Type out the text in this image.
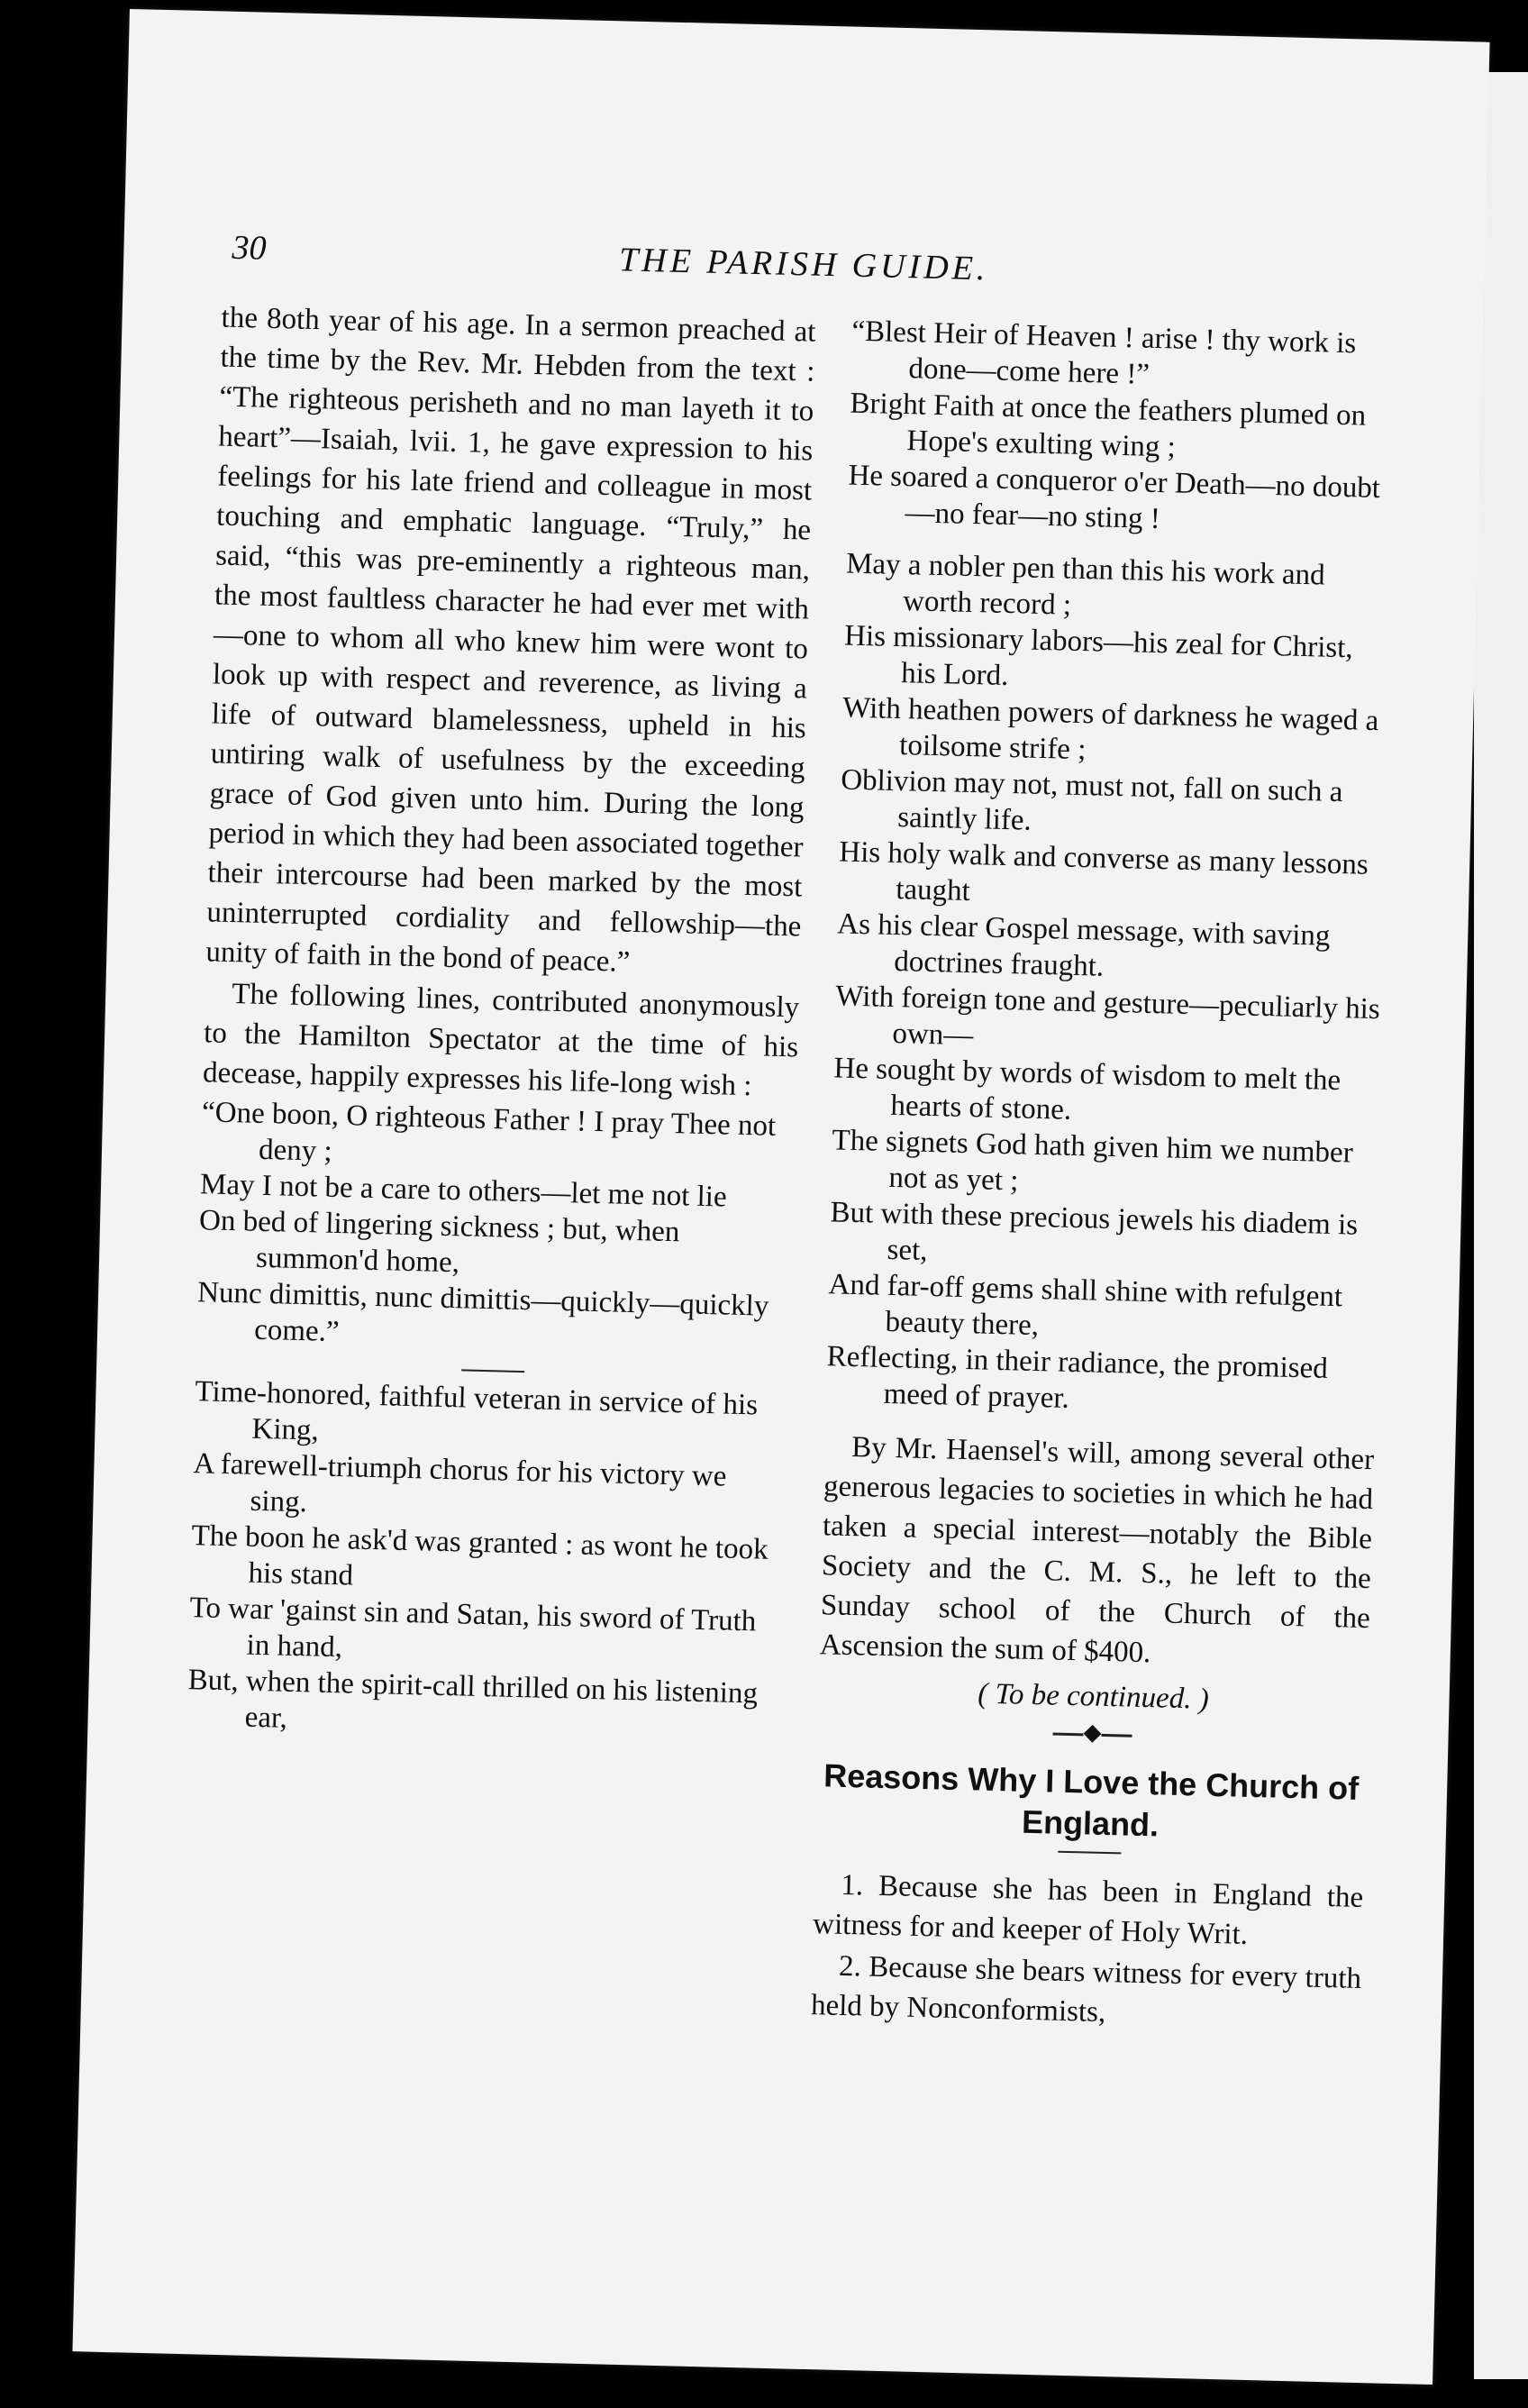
30	THE PARISH GUIDE.

the 8oth year of his age. In a sermon preached at the time by the Rev. Mr. Hebden from the text : “The righteous perisheth and no man layeth it to heart”—Isaiah, lvii. 1, he gave expression to his feelings for his late friend and colleague in most touching and emphatic language. “Truly,” he said, “this was pre-eminently a righteous man, the most faultless character he had ever met with—one to whom all who knew him were wont to look up with respect and reverence, as living a life of outward blamelessness, upheld in his untiring walk of usefulness by the exceeding grace of God given unto him. During the long period in which they had been associated together their intercourse had been marked by the most uninterrupted cordiality and fellowship—the unity of faith in the bond of peace.”

The following lines, contributed anonymously to the Hamilton Spectator at the time of his decease, happily expresses his life-long wish :

“One boon, O righteous Father ! I pray Thee not deny ;

May I not be a care to others—let me not lie

On bed of lingering sickness ; but, when summon'd home,

Nunc dimittis, nunc dimittis—quickly—quickly come.”

Time-honored, faithful veteran in service of his King,

A farewell-triumph chorus for his victory we sing.

The boon he ask'd was granted : as wont he took his stand

To war 'gainst sin and Satan, his sword of Truth in hand,

But, when the spirit-call thrilled on his listening ear,

“Blest Heir of Heaven ! arise ! thy work is done—come here !”

Bright Faith at once the feathers plumed on Hope's exulting wing ;

He soared a conqueror o'er Death—no doubt—no fear—no sting !

May a nobler pen than this his work and worth record ;

His missionary labors—his zeal for Christ, his Lord.

With heathen powers of darkness he waged a toilsome strife ;

Oblivion may not, must not, fall on such a saintly life.

His holy walk and converse as many lessons taught

As his clear Gospel message, with saving doctrines fraught.

With foreign tone and gesture—peculiarly his own—

He sought by words of wisdom to melt the hearts of stone.

The signets God hath given him we number not as yet ;

But with these precious jewels his diadem is set,

And far-off gems shall shine with refulgent beauty there,

Reflecting, in their radiance, the promised meed of prayer.

By Mr. Haensel's will, among several other generous legacies to societies in which he had taken a special interest—notably the Bible Society and the C. M. S., he left to the Sunday school of the Church of the Ascension the sum of $400.

( To be continued. )

◆

Reasons Why I Love the Church of England.

1. Because she has been in England the witness for and keeper of Holy Writ.

2. Because she bears witness for every truth held by Nonconformists,
